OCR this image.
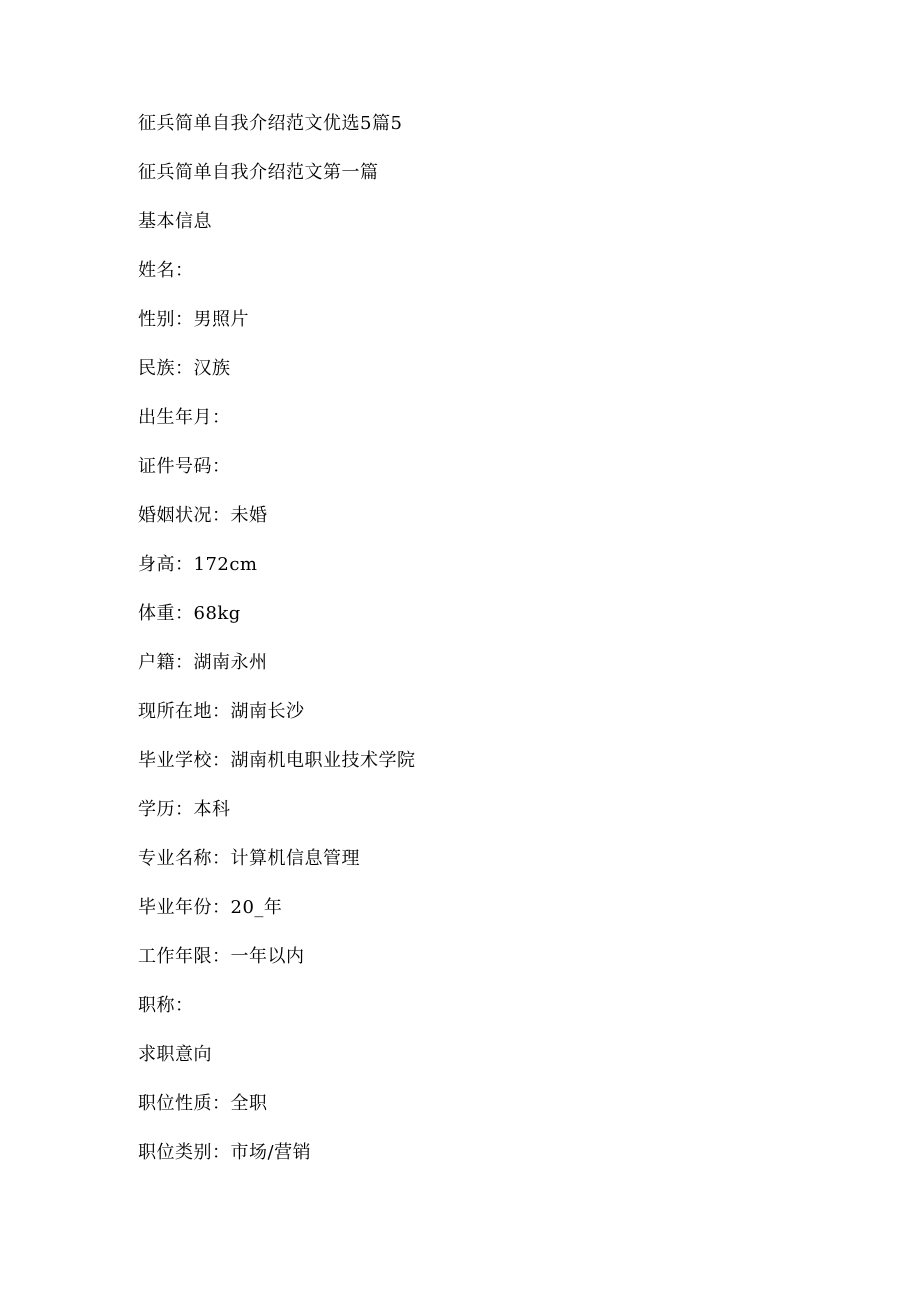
征兵简单自我介绍范文优选5篇5
征兵简单自我介绍范文第一篇
基本信息
姓名：
性别：男照片
民族：汉族
出生年月：
证件号码：
婚姻状况：未婚
身高：172cm
体重：68kg
户籍：湖南永州
现所在地：湖南长沙
毕业学校：湖南机电职业技术学院
学历：本科
专业名称：计算机信息管理
毕业年份：20_年
工作年限：一年以内
职称：
求职意向
职位性质：全职
职位类别：市场/营销
